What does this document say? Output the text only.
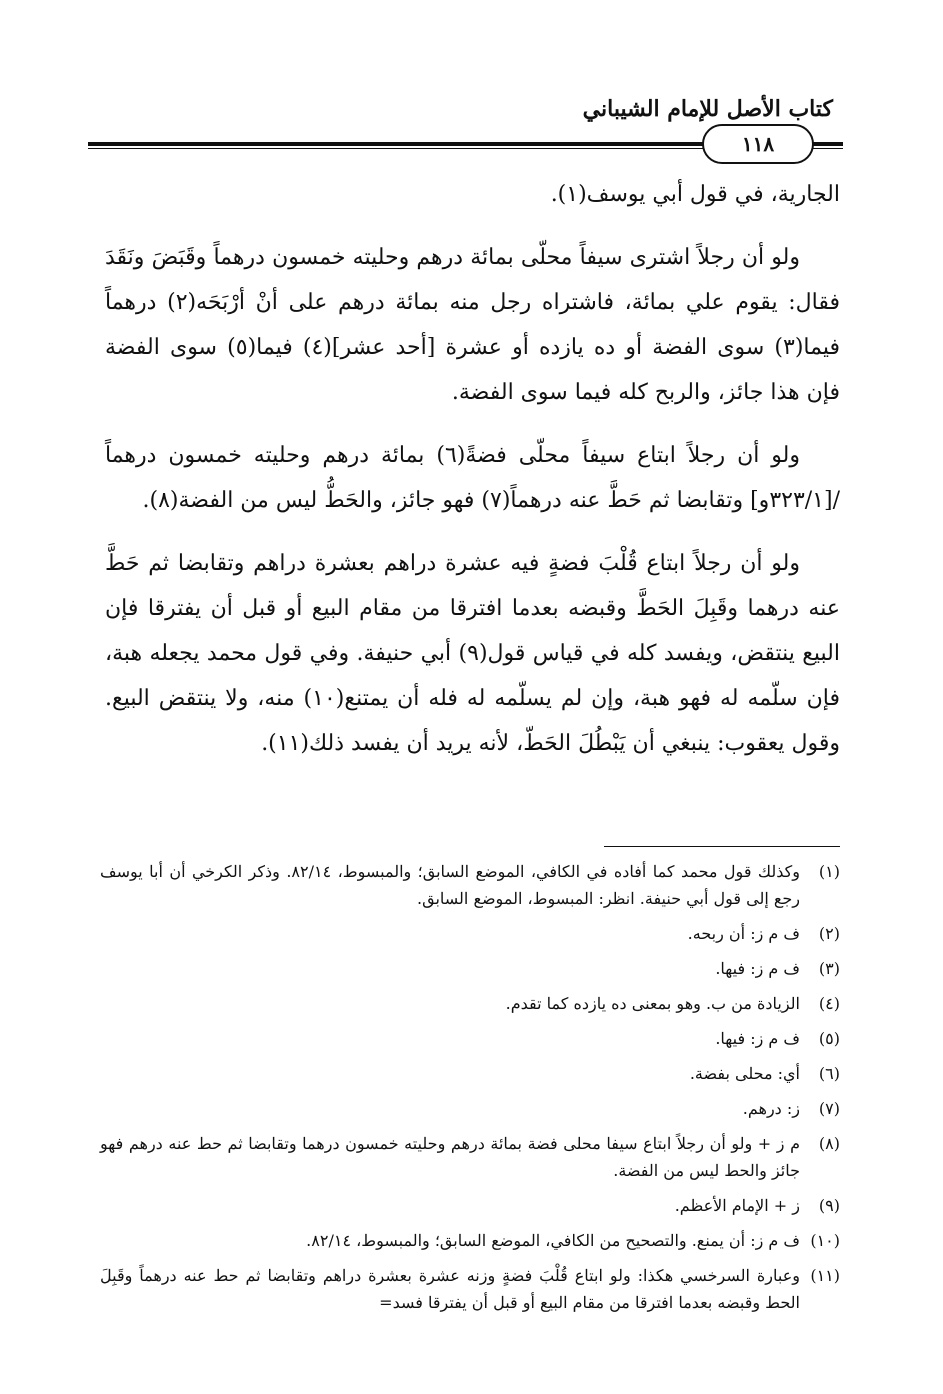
كتاب الأصل للإمام الشيباني
١١٨

الجارية، في قول أبي يوسف(١).

ولو أن رجلاً اشترى سيفاً محلّى بمائة درهم وحليته خمسون درهماً وقَبَضَ ونَقَدَ فقال: يقوم علي بمائة، فاشتراه رجل منه بمائة درهم على أنْ أرْبَحَه(٢) درهماً فيما(٣) سوى الفضة أو ده يازده أو عشرة [أحد عشر](٤) فيما(٥) سوى الفضة فإن هذا جائز، والربح كله فيما سوى الفضة.

ولو أن رجلاً ابتاع سيفاً محلّى فضةً(٦) بمائة درهم وحليته خمسون درهماً /[٣٢٣/١و] وتقابضا ثم حَطَّ عنه درهماً(٧) فهو جائز، والحَطُّ ليس من الفضة(٨).

ولو أن رجلاً ابتاع قُلْبَ فضةٍ فيه عشرة دراهم بعشرة دراهم وتقابضا ثم حَطَّ عنه درهما وقَبِلَ الحَطَّ وقبضه بعدما افترقا من مقام البيع أو قبل أن يفترقا فإن البيع ينتقض، ويفسد كله في قياس قول(٩) أبي حنيفة. وفي قول محمد يجعله هبة، فإن سلّمه له فهو هبة، وإن لم يسلّمه له فله أن يمتنع(١٠) منه، ولا ينتقض البيع. وقول يعقوب: ينبغي أن يَبْطُلَ الحَطّ، لأنه يريد أن يفسد ذلك(١١).

(١)
وكذلك قول محمد كما أفاده في الكافي، الموضع السابق؛ والمبسوط، ٨٢/١٤. وذكر الكرخي أن أبا يوسف رجع إلى قول أبي حنيفة. انظر: المبسوط، الموضع السابق.
(٢)
ف م ز: أن ربحه.
(٣)
ف م ز: فيها.
(٤)
الزيادة من ب. وهو بمعنى ده يازده كما تقدم.
(٥)
ف م ز: فيها.
(٦)
أي: محلى بفضة.
(٧)
ز: درهم.
(٨)
م ز + ولو أن رجلاً ابتاع سيفا محلى فضة بمائة درهم وحليته خمسون درهما وتقابضا ثم حط عنه درهم فهو جائز والحط ليس من الفضة.
(٩)
ز + الإمام الأعظم.
(١٠)
ف م ز: أن يمنع. والتصحيح من الكافي، الموضع السابق؛ والمبسوط، ٨٢/١٤.
(١١)
وعبارة السرخسي هكذا: ولو ابتاع قُلْبَ فضةٍ وزنه عشرة بعشرة دراهم وتقابضا ثم حط عنه درهماً وقَبِلَ الحط وقبضه بعدما افترقا من مقام البيع أو قبل أن يفترقا فسد=
